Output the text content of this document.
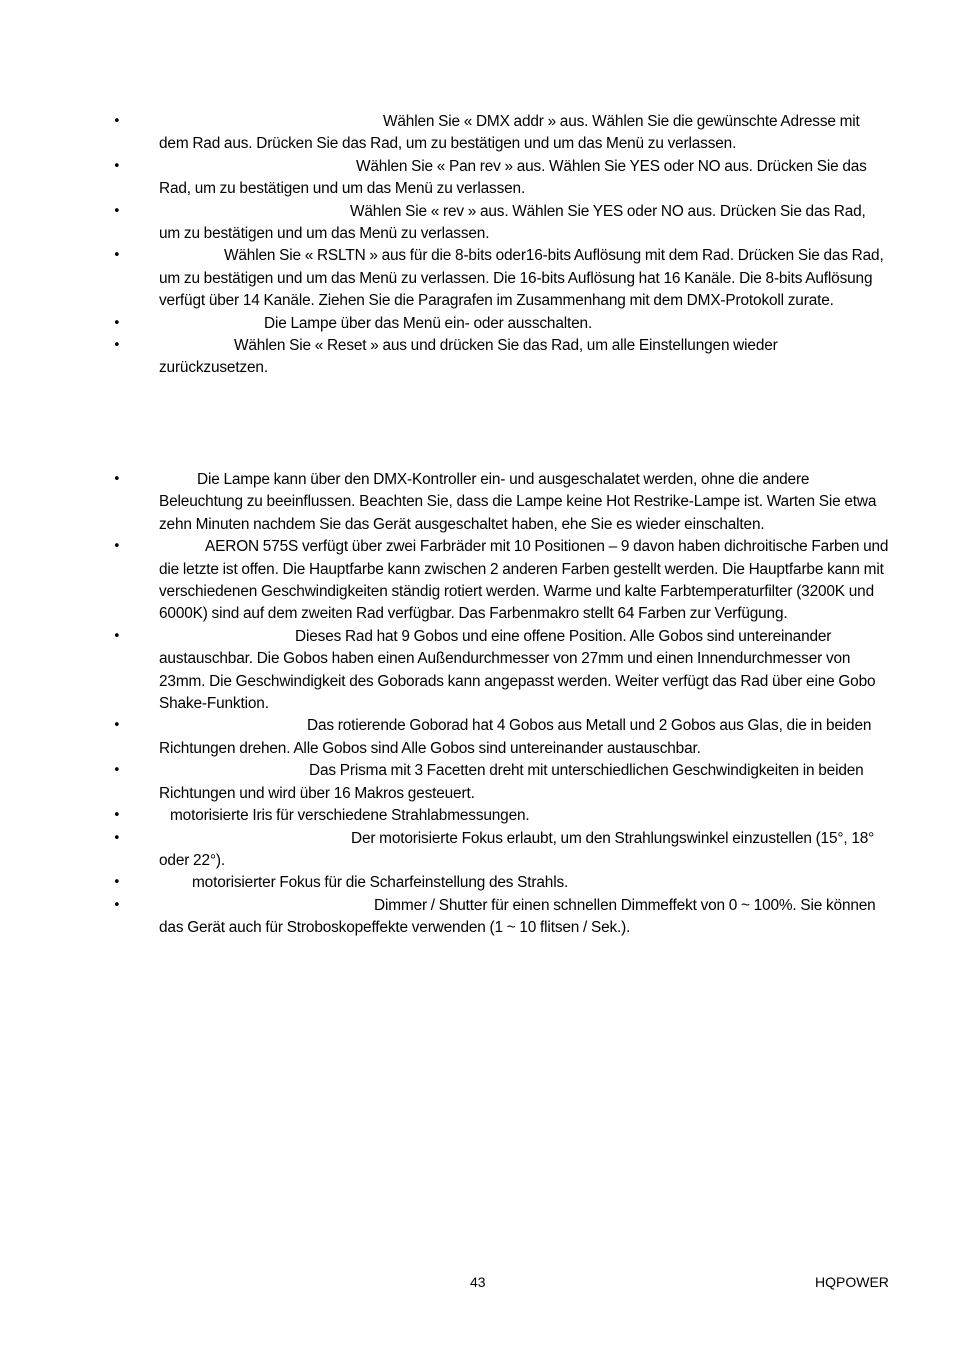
•	Wählen Sie « DMX addr » aus. Wählen Sie die gewünschte Adresse mit dem Rad aus. Drücken Sie das Rad, um zu bestätigen und um das Menü zu verlassen.
•	Wählen Sie « Pan rev » aus. Wählen Sie YES oder NO aus. Drücken Sie das Rad, um zu bestätigen und um das Menü zu verlassen.
•	Wählen Sie « rev » aus. Wählen Sie YES oder NO aus. Drücken Sie das Rad, um zu bestätigen und um das Menü zu verlassen.
•	Wählen Sie « RSLTN » aus für die 8-bits oder16-bits Auflösung mit dem Rad. Drücken Sie das Rad, um zu bestätigen und um das Menü zu verlassen. Die 16-bits Auflösung hat 16 Kanäle. Die 8-bits Auflösung verfügt über 14 Kanäle. Ziehen Sie die Paragrafen im Zusammenhang mit dem DMX-Protokoll zurate.
•	Die Lampe über das Menü ein- oder ausschalten.
•	Wählen Sie « Reset » aus und drücken Sie das Rad, um alle Einstellungen wieder zurückzusetzen.
•	Die Lampe kann über den DMX-Kontroller ein- und ausgeschalatet werden, ohne die andere Beleuchtung zu beeinflussen. Beachten Sie, dass die Lampe keine Hot Restrike-Lampe ist. Warten Sie etwa zehn Minuten nachdem Sie das Gerät ausgeschaltet haben, ehe Sie es wieder einschalten.
•	AERON 575S verfügt über zwei Farbräder mit 10 Positionen – 9 davon haben dichroitische Farben und die letzte ist offen. Die Hauptfarbe kann zwischen 2 anderen Farben gestellt werden. Die Hauptfarbe kann mit verschiedenen Geschwindigkeiten ständig rotiert werden. Warme und kalte Farbtemperaturfilter (3200K und 6000K) sind auf dem zweiten Rad verfügbar. Das Farbenmakro stellt 64 Farben zur Verfügung.
•	Dieses Rad hat 9 Gobos und eine offene Position. Alle Gobos sind untereinander austauschbar. Die Gobos haben einen Außendurchmesser von 27mm und einen Innendurchmesser von 23mm. Die Geschwindigkeit des Goborads kann angepasst werden. Weiter verfügt das Rad über eine Gobo Shake-Funktion.
•	Das rotierende Goborad hat 4 Gobos aus Metall und 2 Gobos aus Glas, die in beiden Richtungen drehen. Alle Gobos sind Alle Gobos sind untereinander austauschbar.
•	Das Prisma mit 3 Facetten dreht mit unterschiedlichen Geschwindigkeiten in beiden Richtungen und wird über 16 Makros gesteuert.
•	motorisierte Iris für verschiedene Strahlabmessungen.
•	Der motorisierte Fokus erlaubt, um den Strahlungswinkel einzustellen (15°, 18° oder 22°).
•	motorisierter Fokus für die Scharfeinstellung des Strahls.
•	Dimmer / Shutter für einen schnellen Dimmeffekt von 0 ~ 100%. Sie können das Gerät auch für Stroboskopeffekte verwenden (1 ~ 10 flitsen / Sek.).
43	HQPOWER
